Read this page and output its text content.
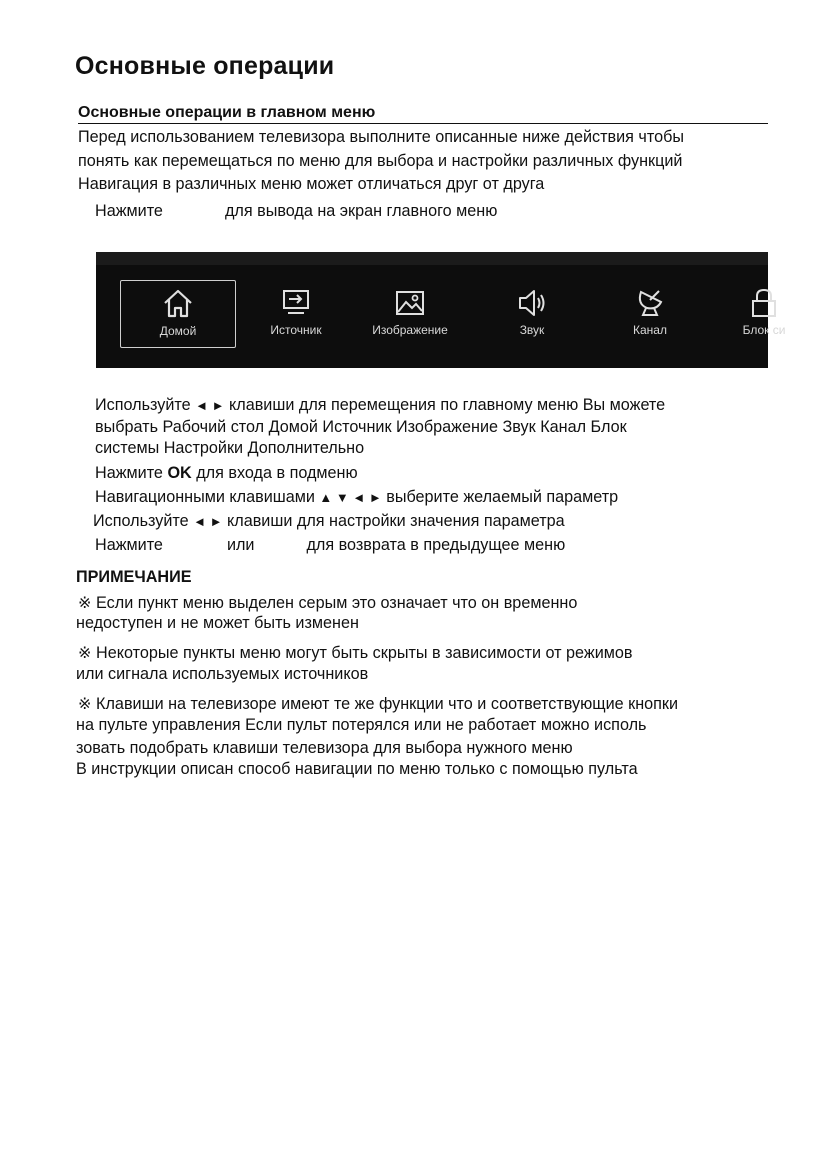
Основные операции
Основные операции в главном меню
Перед использованием телевизора выполните описанные ниже действия чтобы
понять как перемещаться по меню для выбора и настройки различных функций
Навигация в различных меню может отличаться друг от друга
Нажмите	для вывода на экран главного меню
Домой	Источник	Изображение	Звук	Канал	Блок си
Используйте ◄ ► клавиши для перемещения по главному меню Вы можете
выбрать Рабочий стол Домой Источник Изображение Звук Канал Блок
системы Настройки Дополнительно
Нажмите OK для входа в подменю
Навигационными клавишами ▲ ▼ ◄ ► выберите желаемый параметр
Используйте ◄ ► клавиши для настройки значения параметра
Нажмите	или	для возврата в предыдущее меню
ПРИМЕЧАНИЕ
※ Если пункт меню выделен серым это означает что он временно
недоступен и не может быть изменен
※ Некоторые пункты меню могут быть скрыты в зависимости от режимов
или сигнала используемых источников
※ Клавиши на телевизоре имеют те же функции что и соответствующие кнопки
на пульте управления Если пульт потерялся или не работает можно исполь
зовать подобрать клавиши телевизора для выбора нужного меню
В инструкции описан способ навигации по меню только с помощью пульта
